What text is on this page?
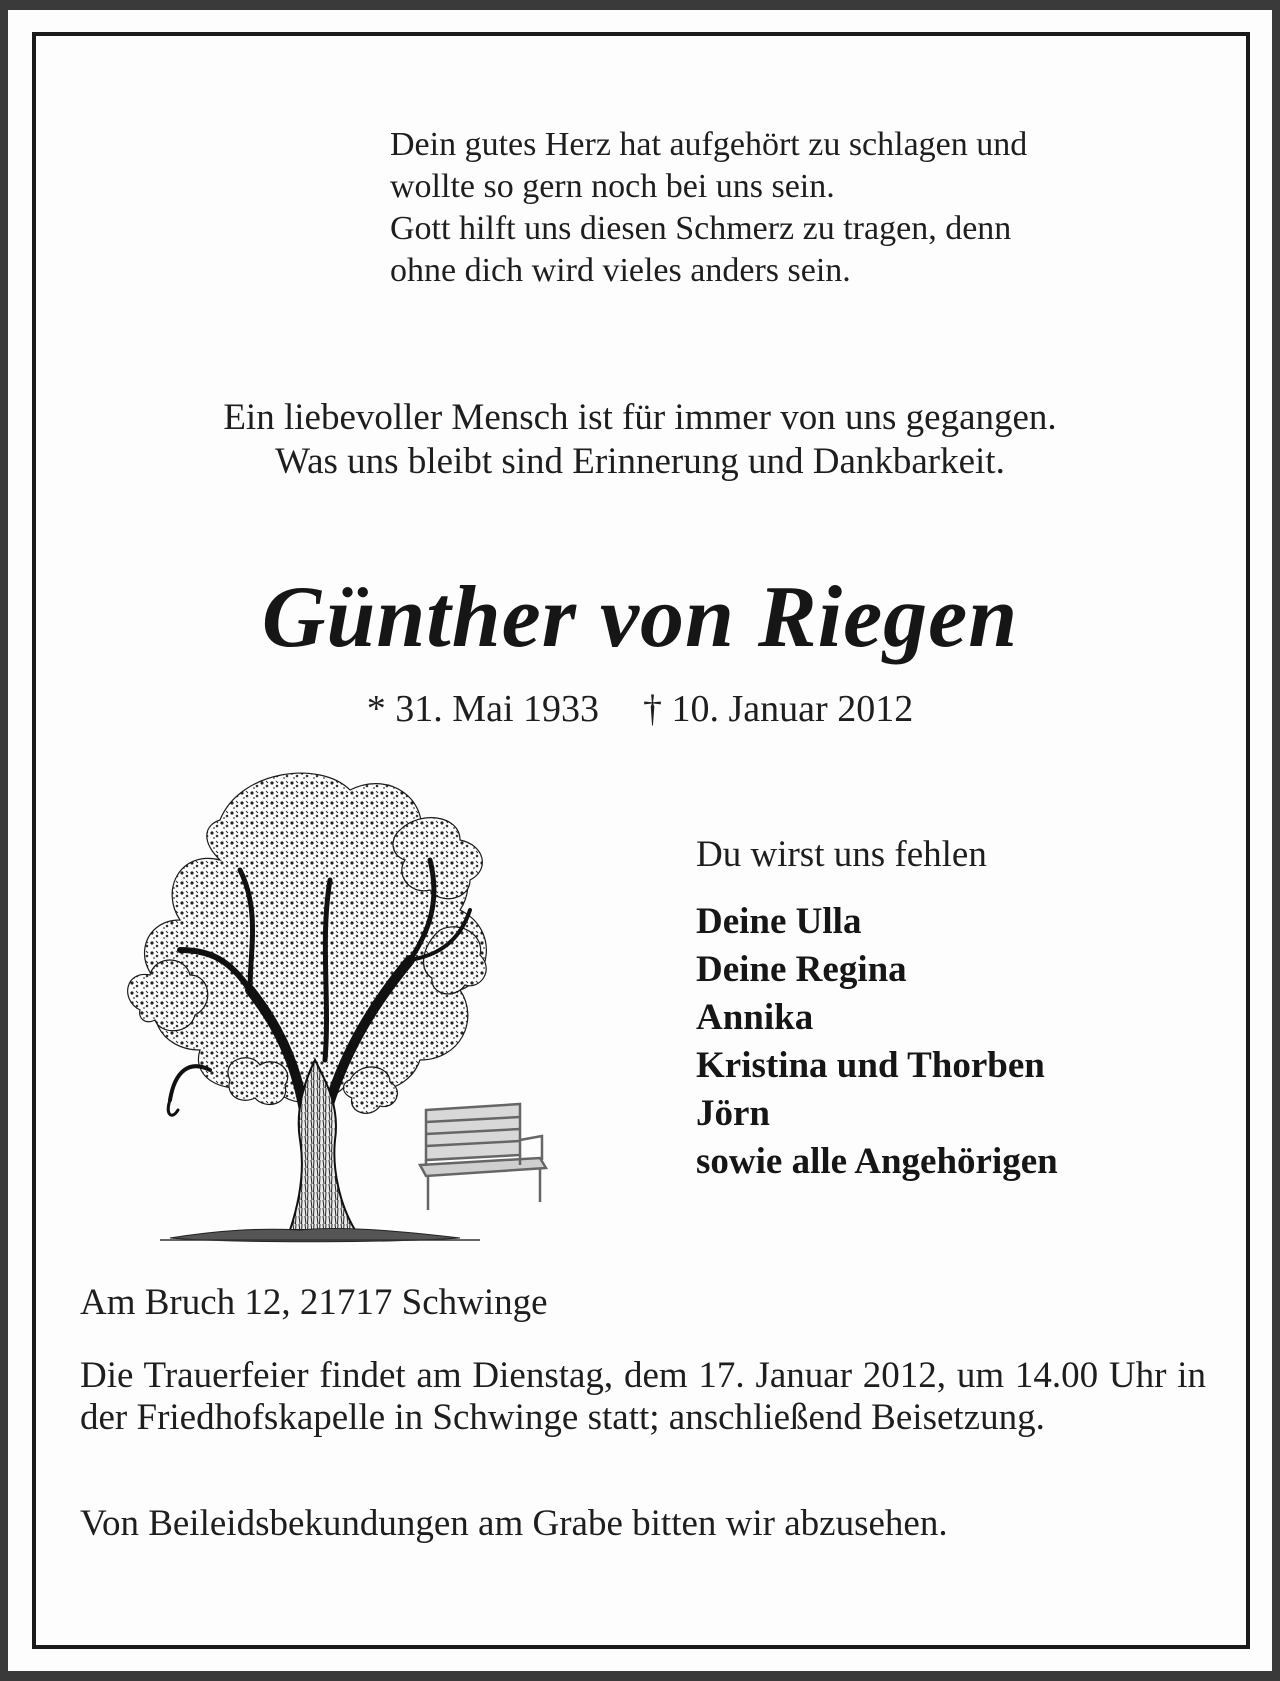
Dein gutes Herz hat aufgehört zu schlagen und
wollte so gern noch bei uns sein.
Gott hilft uns diesen Schmerz zu tragen, denn
ohne dich wird vieles anders sein.
Ein liebevoller Mensch ist für immer von uns gegangen.
Was uns bleibt sind Erinnerung und Dankbarkeit.
Günther von Riegen
* 31. Mai 1933 † 10. Januar 2012
Du wirst uns fehlen
Deine Ulla
Deine Regina
Annika
Kristina und Thorben
Jörn
sowie alle Angehörigen
Am Bruch 12, 21717 Schwinge
Die Trauerfeier findet am Dienstag, dem 17. Januar 2012, um 14.00 Uhr in der Friedhofskapelle in Schwinge statt; anschließend Beisetzung.
Von Beileidsbekundungen am Grabe bitten wir abzusehen.
